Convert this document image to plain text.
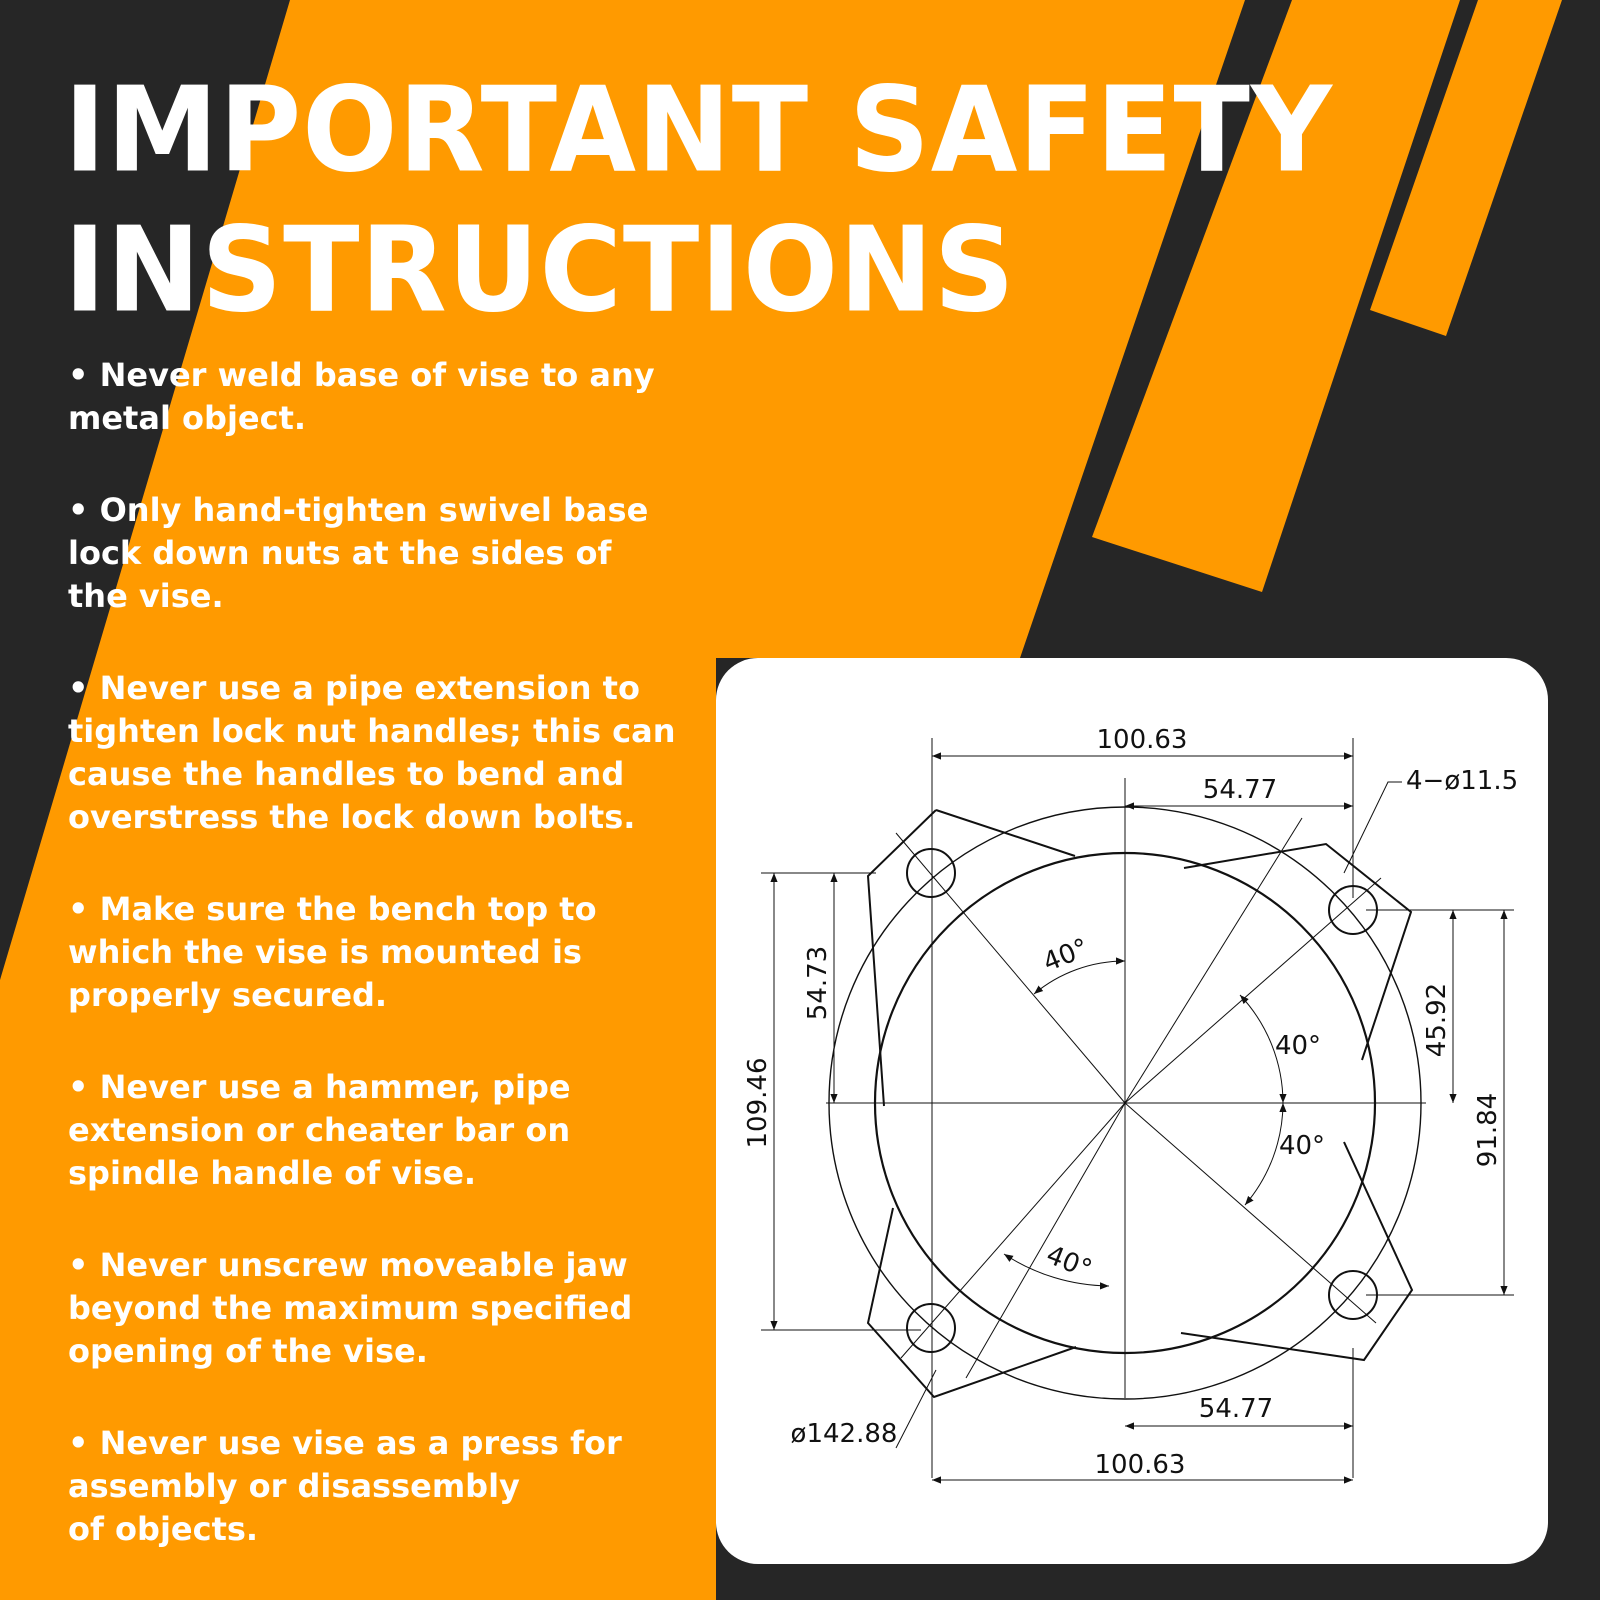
IMPORTANT SAFETY
INSTRUCTIONS
• Never weld base of vise to any
metal object.
• Only hand-tighten swivel base
lock down nuts at the sides of
the vise.
• Never use a pipe extension to
tighten lock nut handles; this can
cause the handles to bend and
overstress the lock down bolts.
• Make sure the bench top to
which the vise is mounted is
properly secured.
• Never use a hammer, pipe
extension or cheater bar on
spindle handle of vise.
• Never unscrew moveable jaw
beyond the maximum specified
opening of the vise.
• Never use vise as a press for
assembly or disassembly
of objects.
100.63
54.77	4−ø11.5
109.46
54.73	45.92
91.84
40°
40°
40°
40°
ø142.88
54.77
100.63
